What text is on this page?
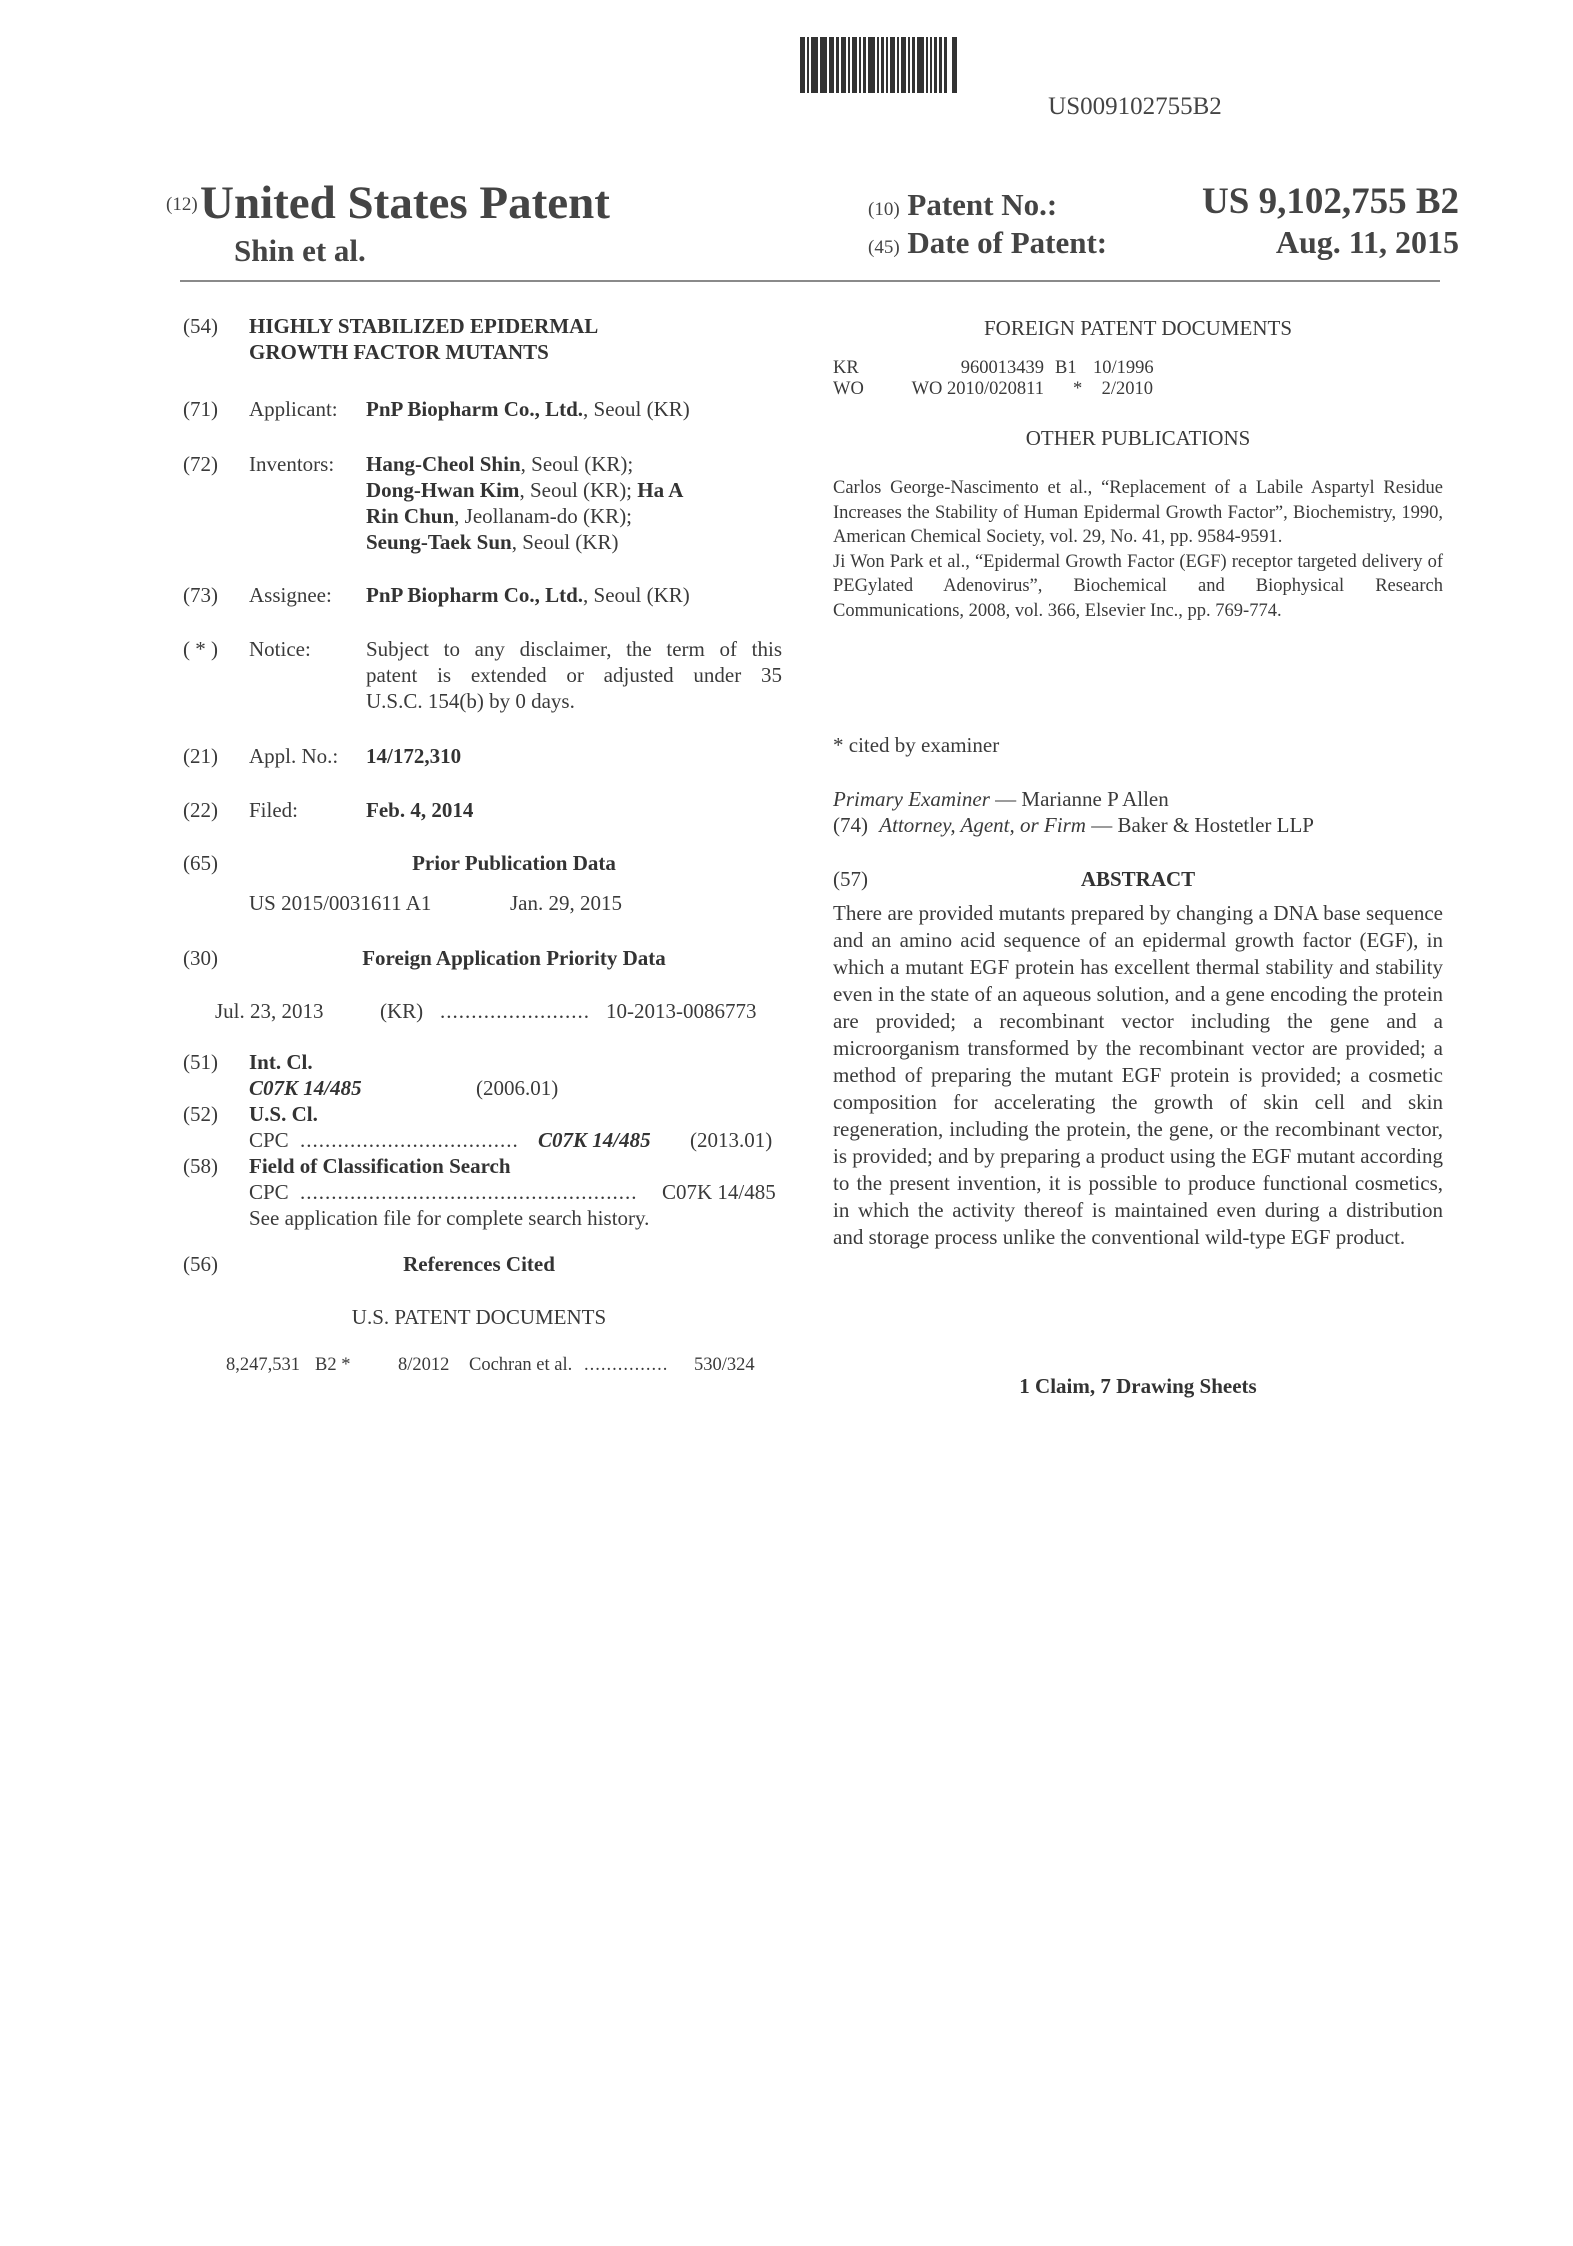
US009102755B2
(12) United States Patent
Shin et al.
(10) Patent No.:	US 9,102,755 B2
(45) Date of Patent:	Aug. 11, 2015
(54) HIGHLY STABILIZED EPIDERMAL
GROWTH FACTOR MUTANTS
(71) Applicant: PnP Biopharm Co., Ltd., Seoul (KR)
(72) Inventors: Hang-Cheol Shin, Seoul (KR);
Dong-Hwan Kim, Seoul (KR); Ha A
Rin Chun, Jeollanam-do (KR);
Seung-Taek Sun, Seoul (KR)
(73) Assignee: PnP Biopharm Co., Ltd., Seoul (KR)
( * ) Notice:	Subject to any disclaimer, the term of this
patent is extended or adjusted under 35
U.S.C. 154(b) by 0 days.
(21) Appl. No.: 14/172,310
(22) Filed:	Feb. 4, 2014
(65)	Prior Publication Data
US 2015/0031611 A1	Jan. 29, 2015
(30)	Foreign Application Priority Data
Jul. 23, 2013	(KR) ........................ 10-2013-0086773
(51) Int. Cl.
C07K 14/485	(2006.01)
(52) U.S. Cl.
CPC ................................... C07K 14/485 (2013.01)
(58) Field of Classification Search
CPC ...................................................... C07K 14/485
See application file for complete search history.
(56)	References Cited
U.S. PATENT DOCUMENTS
8,247,531 B2 *	8/2012 Cochran et al. ............... 530/324
FOREIGN PATENT DOCUMENTS
KR	960013439 B1 10/1996
WO	WO 2010/020811 *	2/2010
OTHER PUBLICATIONS
Carlos George-Nascimento et al., “Replacement of a Labile Aspartyl Residue Increases the Stability of Human Epidermal Growth Factor”, Biochemistry, 1990, American Chemical Society, vol. 29, No. 41, pp. 9584-9591.
Ji Won Park et al., “Epidermal Growth Factor (EGF) receptor targeted delivery of PEGylated Adenovirus”, Biochemical and Biophysical Research Communications, 2008, vol. 366, Elsevier Inc., pp. 769-774.
* cited by examiner
Primary Examiner — Marianne P Allen
(74) Attorney, Agent, or Firm — Baker & Hostetler LLP
(57)	ABSTRACT
There are provided mutants prepared by changing a DNA base sequence and an amino acid sequence of an epidermal growth factor (EGF), in which a mutant EGF protein has excellent thermal stability and stability even in the state of an aqueous solution, and a gene encoding the protein are provided; a recombinant vector including the gene and a microorganism transformed by the recombinant vector are provided; a method of preparing the mutant EGF protein is provided; a cosmetic composition for accelerating the growth of skin cell and skin regeneration, including the protein, the gene, or the recombinant vector, is provided; and by preparing a product using the EGF mutant according to the present invention, it is possible to produce functional cosmetics, in which the activity thereof is maintained even during a distribution and storage process unlike the conventional wild-type EGF product.
1 Claim, 7 Drawing Sheets
